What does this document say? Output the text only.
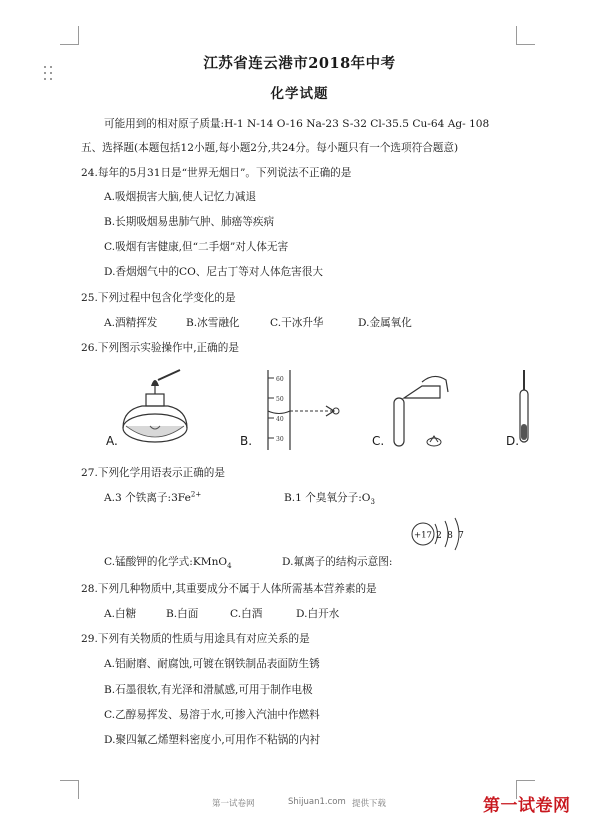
江苏省连云港市2018年中考
化学试题
可能用到的相对原子质量:H-1 N-14 O-16 Na-23 S-32 Cl-35.5 Cu-64 Ag- 108
五、选择题(本题包括12小题,每小题2分,共24分。每小题只有一个选项符合题意)
24.每年的5月31日是“世界无烟日”。下列说法不正确的是
A.吸烟损害大脑,使人记忆力减退
B.长期吸烟易患肺气肿、肺癌等疾病
C.吸烟有害健康,但“二手烟”对人体无害
D.香烟烟气中的CO、尼古丁等对人体危害很大
25.下列过程中包含化学变化的是
A.酒精挥发	B.冰雪融化	C.干冰升华	D.金属氧化
26.下列图示实验操作中,正确的是
A.
60
50
40
30
B.	C.	D.
27.下列化学用语表示正确的是
A.3 个铁离子$:3Fe^{2+}$	B.1 个臭氧分子$:O_3$
+17 2 8 7
C.锰酸钾的化学式:KMnO$_4$	D.氟离子的结构示意图:
28.下列几种物质中,其重要成分不属于人体所需基本营养素的是
A.白糖	B.白面	C.白酒	D.白开水
29.下列有关物质的性质与用途具有对应关系的是
A.铝耐磨、耐腐蚀,可镀在钢铁制品表面防生锈
B.石墨很软,有光泽和滑腻感,可用于制作电极
C.乙醇易挥发、易溶于水,可掺入汽油中作燃料
D.聚四氟乙烯塑料密度小,可用作不粘锅的内衬
第一试卷网	Shijuan1.com 提供下载	第一试卷网
